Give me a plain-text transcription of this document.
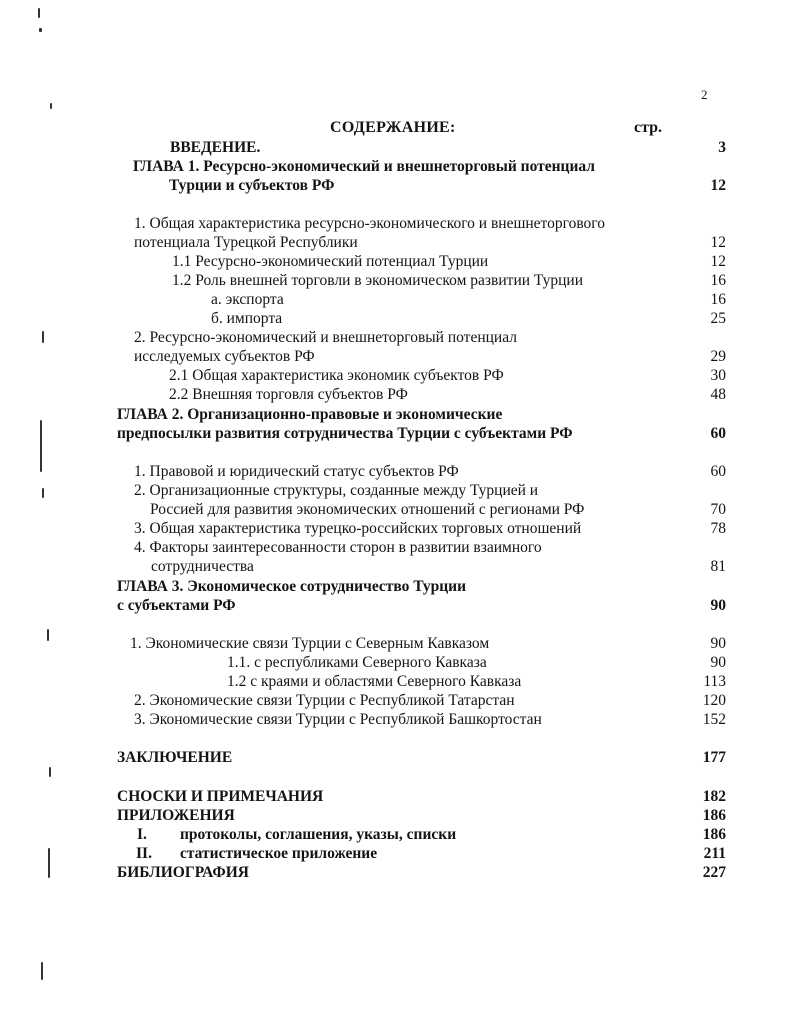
2
СОДЕРЖАНИЕ:	стр.
ВВЕДЕНИЕ.	3
ГЛАВА 1. Ресурсно-экономический и внешнеторговый потенциал
Турции и субъектов РФ	12
1. Общая характеристика ресурсно-экономического и внешнеторгового
потенциала Турецкой Республики	12
1.1 Ресурсно-экономический потенциал Турции	12
1.2 Роль внешней торговли в экономическом развитии Турции	16
а. экспорта	16
б. импорта	25
2. Ресурсно-экономический и внешнеторговый потенциал
исследуемых субъектов РФ	29
2.1 Общая характеристика экономик субъектов РФ	30
2.2 Внешняя торговля субъектов РФ	48
ГЛАВА 2. Организационно-правовые и экономические
предпосылки развития сотрудничества Турции с субъектами РФ	60
1. Правовой и юридический статус субъектов РФ	60
2. Организационные структуры, созданные между Турцией и
Россией для развития экономических отношений с регионами РФ	70
3. Общая характеристика турецко-российских торговых отношений	78
4. Факторы заинтересованности сторон в развитии взаимного
сотрудничества	81
ГЛАВА 3. Экономическое сотрудничество Турции
с субъектами РФ	90
1. Экономические связи Турции с Северным Кавказом	90
1.1. с республиками Северного Кавказа	90
1.2 с краями и областями Северного Кавказа	113
2. Экономические связи Турции с Республикой Татарстан	120
3. Экономические связи Турции с Республикой Башкортостан	152
ЗАКЛЮЧЕНИЕ	177
СНОСКИ И ПРИМЕЧАНИЯ	182
ПРИЛОЖЕНИЯ	186
I. протоколы, соглашения, указы, списки	186
II. статистическое приложение	211
БИБЛИОГРАФИЯ	227
